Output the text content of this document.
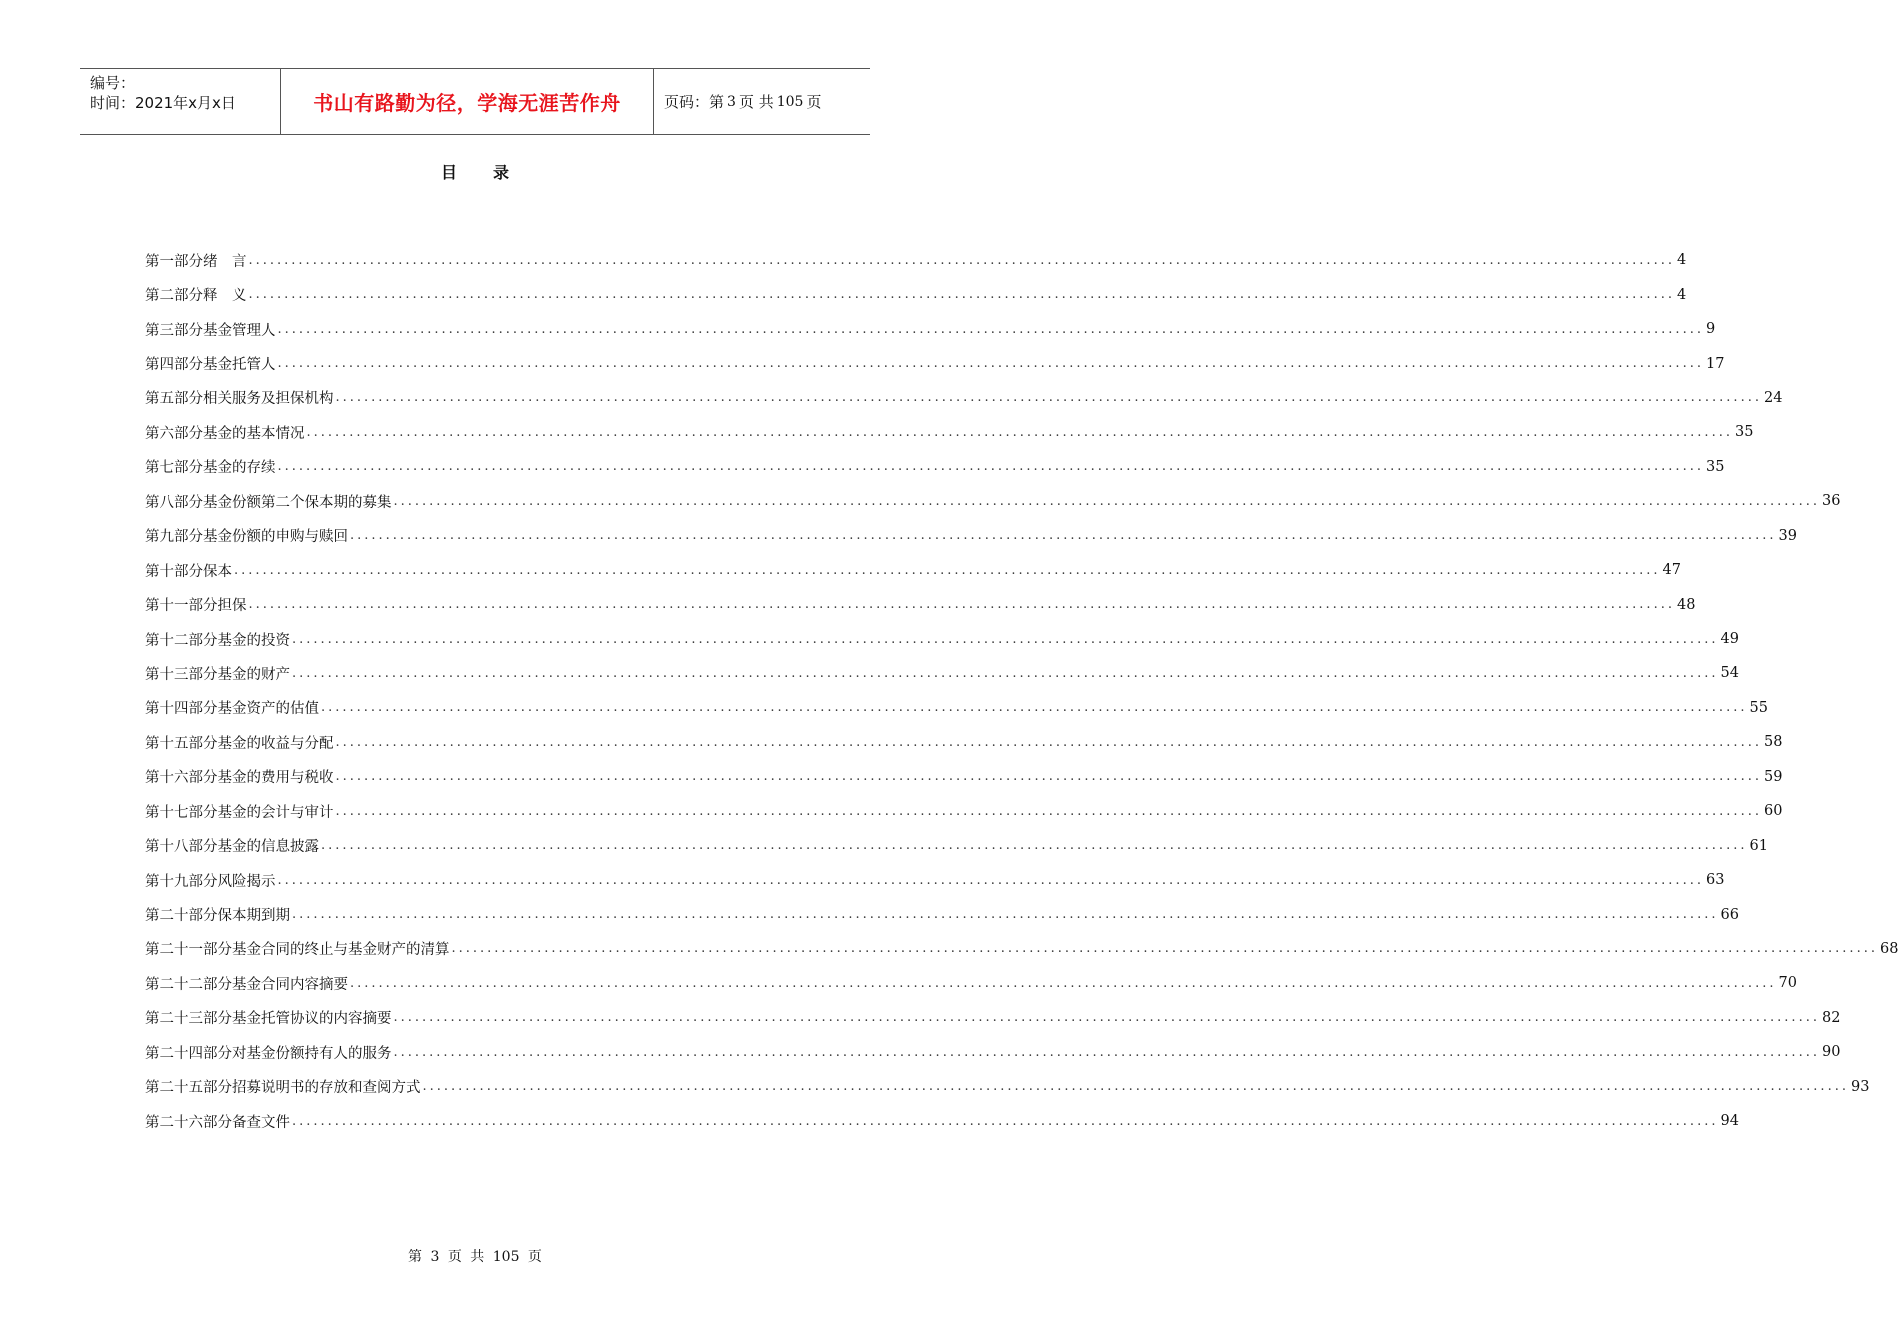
编号：
时间：2021年x月x日	书山有路勤为径，学海无涯苦作舟	页码：第 3 页 共 105 页
目录
第一部分 绪　言 ........................................................................................................................................................................................................ 4
第二部分 释　义 ........................................................................................................................................................................................................ 4
第三部分 基金管理人 ........................................................................................................................................................................................................ 9
第四部分 基金托管人 ........................................................................................................................................................................................................ 17
第五部分 相关服务及担保机构 ........................................................................................................................................................................................................ 24
第六部分 基金的基本情况 ........................................................................................................................................................................................................ 35
第七部分 基金的存续 ........................................................................................................................................................................................................ 35
第八部分 基金份额第二个保本期的募集 ........................................................................................................................................................................................................ 36
第九部分 基金份额的申购与赎回 ........................................................................................................................................................................................................ 39
第十部分 保本 ........................................................................................................................................................................................................ 47
第十一部分 担保 ........................................................................................................................................................................................................ 48
第十二部分 基金的投资 ........................................................................................................................................................................................................ 49
第十三部分 基金的财产 ........................................................................................................................................................................................................ 54
第十四部分 基金资产的估值 ........................................................................................................................................................................................................ 55
第十五部分 基金的收益与分配 ........................................................................................................................................................................................................ 58
第十六部分 基金的费用与税收 ........................................................................................................................................................................................................ 59
第十七部分 基金的会计与审计 ........................................................................................................................................................................................................ 60
第十八部分 基金的信息披露 ........................................................................................................................................................................................................ 61
第十九部分 风险揭示 ........................................................................................................................................................................................................ 63
第二十部分 保本期到期 ........................................................................................................................................................................................................ 66
第二十一部分 基金合同的终止与基金财产的清算 ........................................................................................................................................................................................................ 68
第二十二部分 基金合同内容摘要 ........................................................................................................................................................................................................ 70
第二十三部分 基金托管协议的内容摘要 ........................................................................................................................................................................................................ 82
第二十四部分 对基金份额持有人的服务 ........................................................................................................................................................................................................ 90
第二十五部分 招募说明书的存放和查阅方式 ........................................................................................................................................................................................................ 93
第二十六部分 备查文件 ........................................................................................................................................................................................................ 94
第 3 页 共 105 页
